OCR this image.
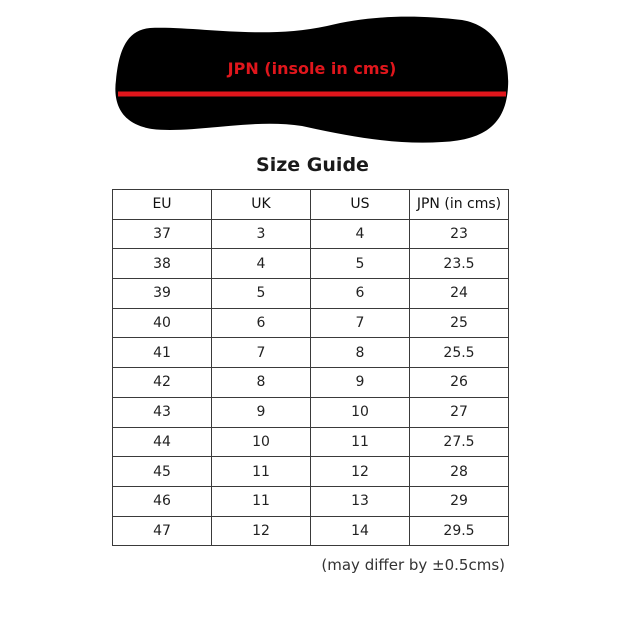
JPN (insole in cms)
Size Guide
EU	UK	US	JPN (in cms)
37	3	4	23
38	4	5	23.5
39	5	6	24
40	6	7	25
41	7	8	25.5
42	8	9	26
43	9	10	27
44	10	11	27.5
45	11	12	28
46	11	13	29
47	12	14	29.5
(may differ by ±0.5cms)
